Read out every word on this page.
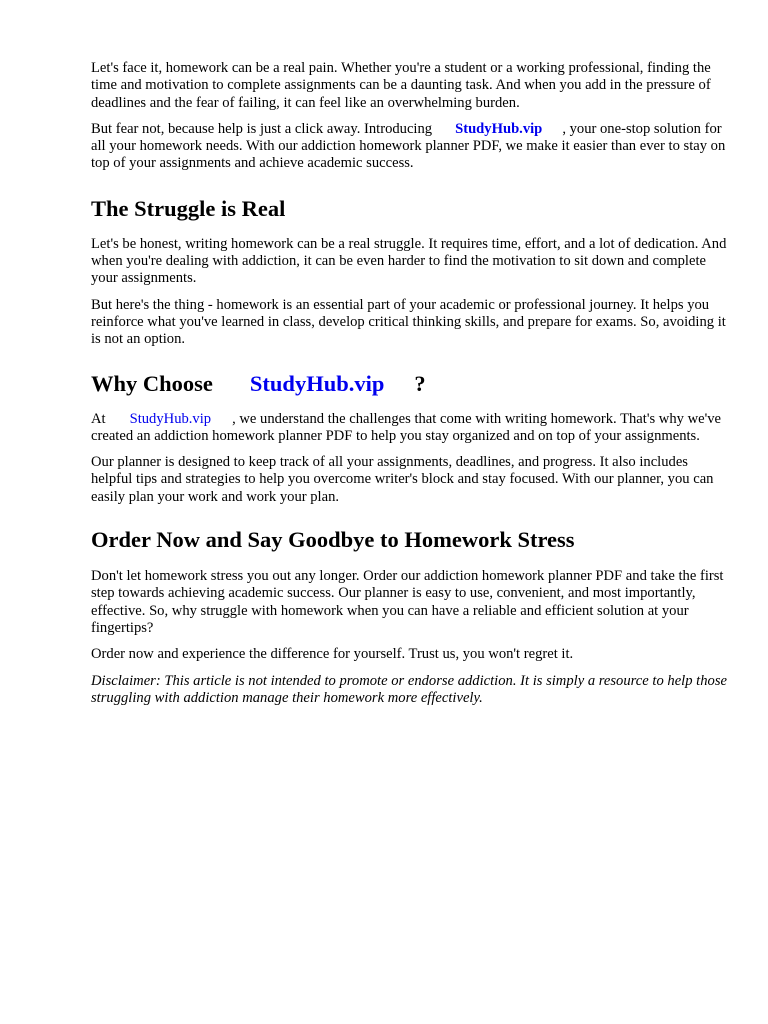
Let's face it, homework can be a real pain. Whether you're a student or a working professional, finding the time and motivation to complete assignments can be a daunting task. And when you add in the pressure of deadlines and the fear of failing, it can feel like an overwhelming burden.

But fear not, because help is just a click away. Introducing StudyHub.vip , your one-stop solution for all your homework needs. With our addiction homework planner PDF, we make it easier than ever to stay on top of your assignments and achieve academic success.

The Struggle is Real

Let's be honest, writing homework can be a real struggle. It requires time, effort, and a lot of dedication. And when you're dealing with addiction, it can be even harder to find the motivation to sit down and complete your assignments.

But here's the thing - homework is an essential part of your academic or professional journey. It helps you reinforce what you've learned in class, develop critical thinking skills, and prepare for exams. So, avoiding it is not an option.

Why Choose StudyHub.vip ?

At StudyHub.vip , we understand the challenges that come with writing homework. That's why we've created an addiction homework planner PDF to help you stay organized and on top of your assignments.

Our planner is designed to keep track of all your assignments, deadlines, and progress. It also includes helpful tips and strategies to help you overcome writer's block and stay focused. With our planner, you can easily plan your work and work your plan.

Order Now and Say Goodbye to Homework Stress

Don't let homework stress you out any longer. Order our addiction homework planner PDF and take the first step towards achieving academic success. Our planner is easy to use, convenient, and most importantly, effective. So, why struggle with homework when you can have a reliable and efficient solution at your fingertips?

Order now and experience the difference for yourself. Trust us, you won't regret it.

Disclaimer: This article is not intended to promote or endorse addiction. It is simply a resource to help those struggling with addiction manage their homework more effectively.
